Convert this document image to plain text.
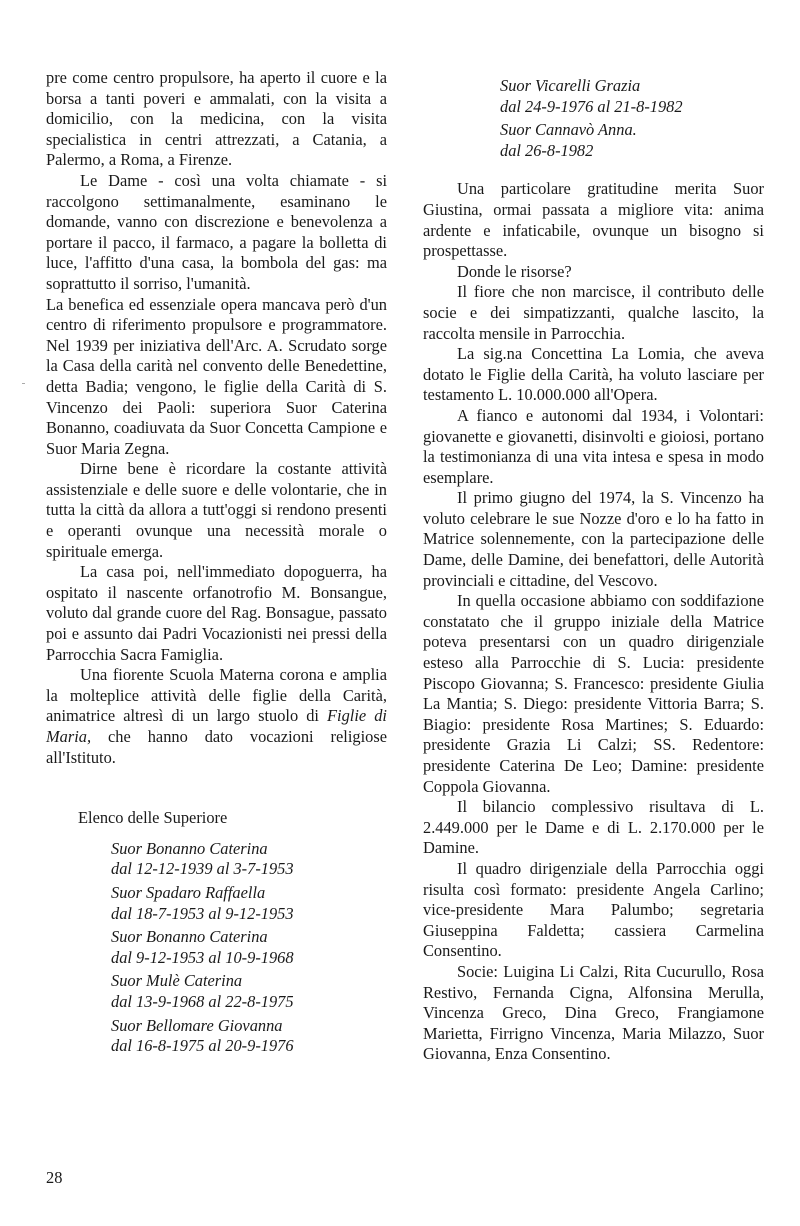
pre come centro propulsore, ha aperto il cuore e la borsa a tanti poveri e ammalati, con la visita a domicilio, con la medicina, con la visita specialistica in centri attrezzati, a Catania, a Palermo, a Roma, a Firenze.

Le Dame - così una volta chiamate - si raccolgono settimanalmente, esaminano le domande, vanno con discrezione e benevolenza a portare il pacco, il farmaco, a pagare la bolletta di luce, l'affitto d'una casa, la bombola del gas: ma soprattutto il sorriso, l'umanità.

La benefica ed essenziale opera mancava però d'un centro di riferimento propulsore e programmatore. Nel 1939 per iniziativa dell'Arc. A. Scrudato sorge la Casa della carità nel convento delle Benedettine, detta Badia; vengono, le figlie della Carità di S. Vincenzo dei Paoli: superiora Suor Caterina Bonanno, coadiuvata da Suor Concetta Campione e Suor Maria Zegna.

Dirne bene è ricordare la costante attività assistenziale e delle suore e delle volontarie, che in tutta la città da allora a tutt'oggi si rendono presenti e operanti ovunque una necessità morale o spirituale emerga.

La casa poi, nell'immediato dopoguerra, ha ospitato il nascente orfanotrofio M. Bonsangue, voluto dal grande cuore del Rag. Bonsague, passato poi e assunto dai Padri Vocazionisti nei pressi della Parrocchia Sacra Famiglia.

Una fiorente Scuola Materna corona e amplia la molteplice attività delle figlie della Carità, animatrice altresì di un largo stuolo di Figlie di Maria, che hanno dato vocazioni religiose all'Istituto.

Elenco delle Superiore

Suor Bonanno Caterina
dal 12-12-1939 al 3-7-1953
Suor Spadaro Raffaella
dal 18-7-1953 al 9-12-1953
Suor Bonanno Caterina
dal 9-12-1953 al 10-9-1968
Suor Mulè Caterina
dal 13-9-1968 al 22-8-1975
Suor Bellomare Giovanna
dal 16-8-1975 al 20-9-1976
Suor Vicarelli Grazia
dal 24-9-1976 al 21-8-1982
Suor Cannavò Anna.
dal 26-8-1982

Una particolare gratitudine merita Suor Giustina, ormai passata a migliore vita: anima ardente e infaticabile, ovunque un bisogno si prospettasse.

Donde le risorse?

Il fiore che non marcisce, il contributo delle socie e dei simpatizzanti, qualche lascito, la raccolta mensile in Parrocchia.

La sig.na Concettina La Lomia, che aveva dotato le Figlie della Carità, ha voluto lasciare per testamento L. 10.000.000 all'Opera.

A fianco e autonomi dal 1934, i Volontari: giovanette e giovanetti, disinvolti e gioiosi, portano la testimonianza di una vita intesa e spesa in modo esemplare.

Il primo giugno del 1974, la S. Vincenzo ha voluto celebrare le sue Nozze d'oro e lo ha fatto in Matrice solennemente, con la partecipazione delle Dame, delle Damine, dei benefattori, delle Autorità provinciali e cittadine, del Vescovo.

In quella occasione abbiamo con soddifazione constatato che il gruppo iniziale della Matrice poteva presentarsi con un quadro dirigenziale esteso alla Parrocchie di S. Lucia: presidente Piscopo Giovanna; S. Francesco: presidente Giulia La Mantia; S. Diego: presidente Vittoria Barra; S. Biagio: presidente Rosa Martines; S. Eduardo: presidente Grazia Li Calzi; SS. Redentore: presidente Caterina De Leo; Damine: presidente Coppola Giovanna.

Il bilancio complessivo risultava di L. 2.449.000 per le Dame e di L. 2.170.000 per le Damine.

Il quadro dirigenziale della Parrocchia oggi risulta così formato: presidente Angela Carlino; vice-presidente Mara Palumbo; segretaria Giuseppina Faldetta; cassiera Carmelina Consentino.

Socie: Luigina Li Calzi, Rita Cucurullo, Rosa Restivo, Fernanda Cigna, Alfonsina Merulla, Vincenza Greco, Dina Greco, Frangiamone Marietta, Firrigno Vincenza, Maria Milazzo, Suor Giovanna, Enza Consentino.

28
